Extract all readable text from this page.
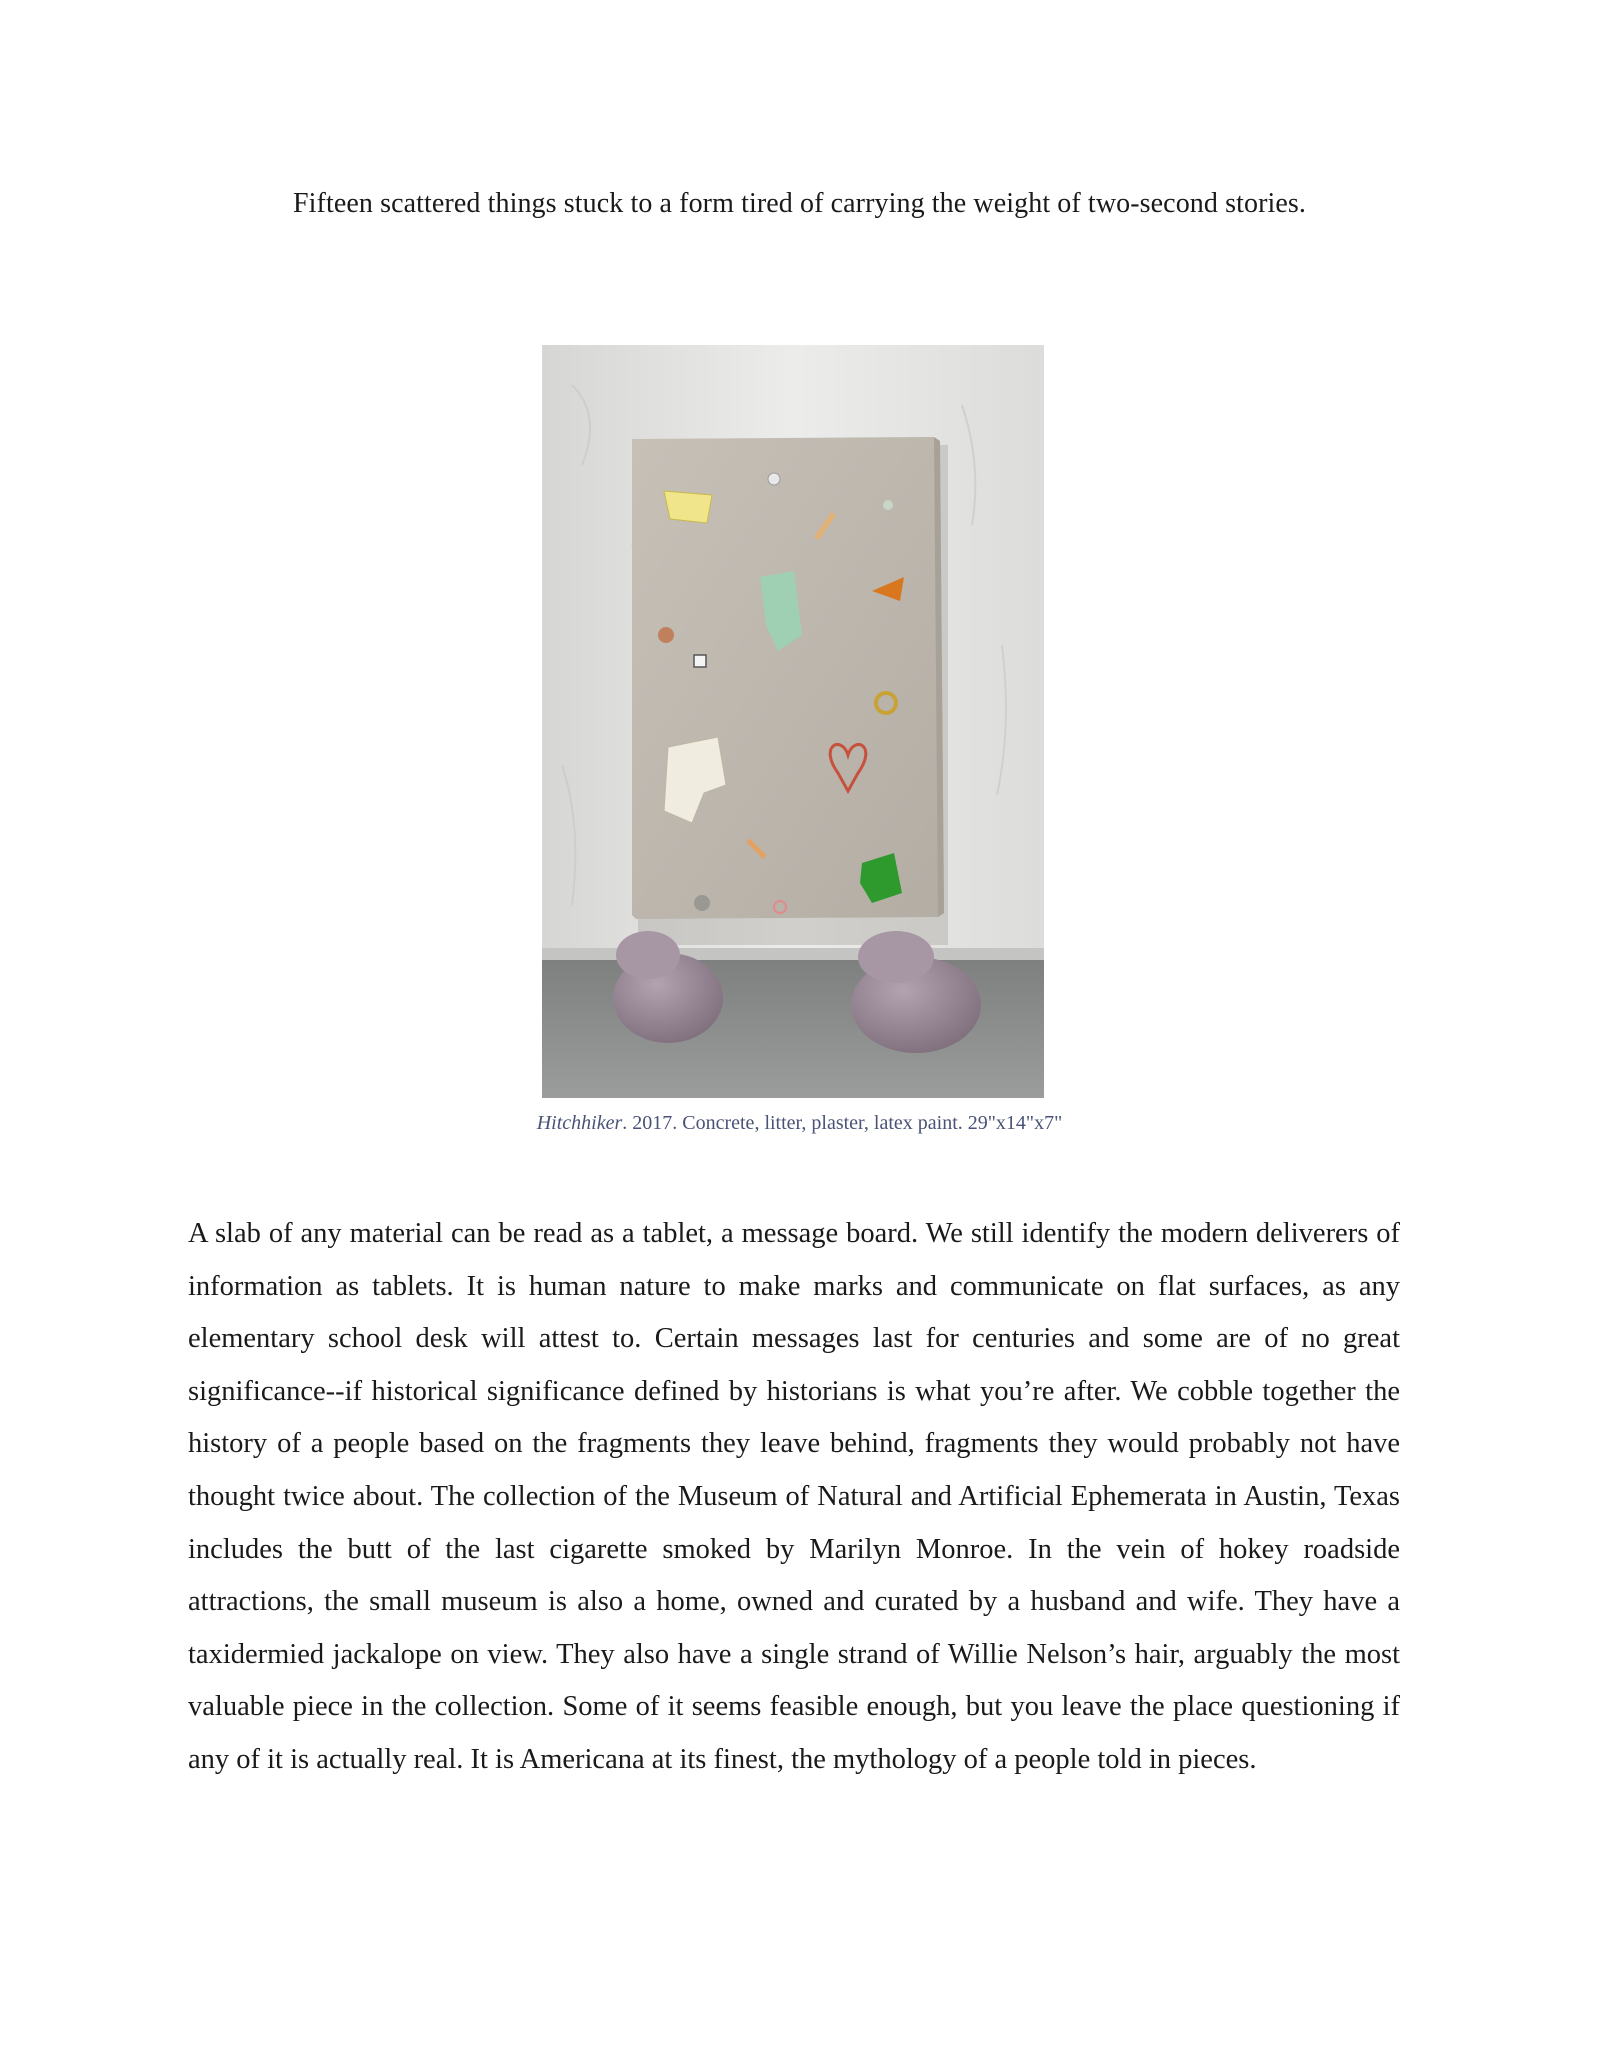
Fifteen scattered things stuck to a form tired of carrying the weight of two-second stories.
Hitchhiker. 2017. Concrete, litter, plaster, latex paint. 29"x14"x7"
A slab of any material can be read as a tablet, a message board. We still identify the modern deliverers of information as tablets. It is human nature to make marks and communicate on flat surfaces, as any elementary school desk will attest to. Certain messages last for centuries and some are of no great significance--if historical significance defined by historians is what you’re after. We cobble together the history of a people based on the fragments they leave behind, fragments they would probably not have thought twice about. The collection of the Museum of Natural and Artificial Ephemerata in Austin, Texas includes the butt of the last cigarette smoked by Marilyn Monroe. In the vein of hokey roadside attractions, the small museum is also a home, owned and curated by a husband and wife. They have a taxidermied jackalope on view. They also have a single strand of Willie Nelson’s hair, arguably the most valuable piece in the collection. Some of it seems feasible enough, but you leave the place questioning if any of it is actually real. It is Americana at its finest, the mythology of a people told in pieces.
